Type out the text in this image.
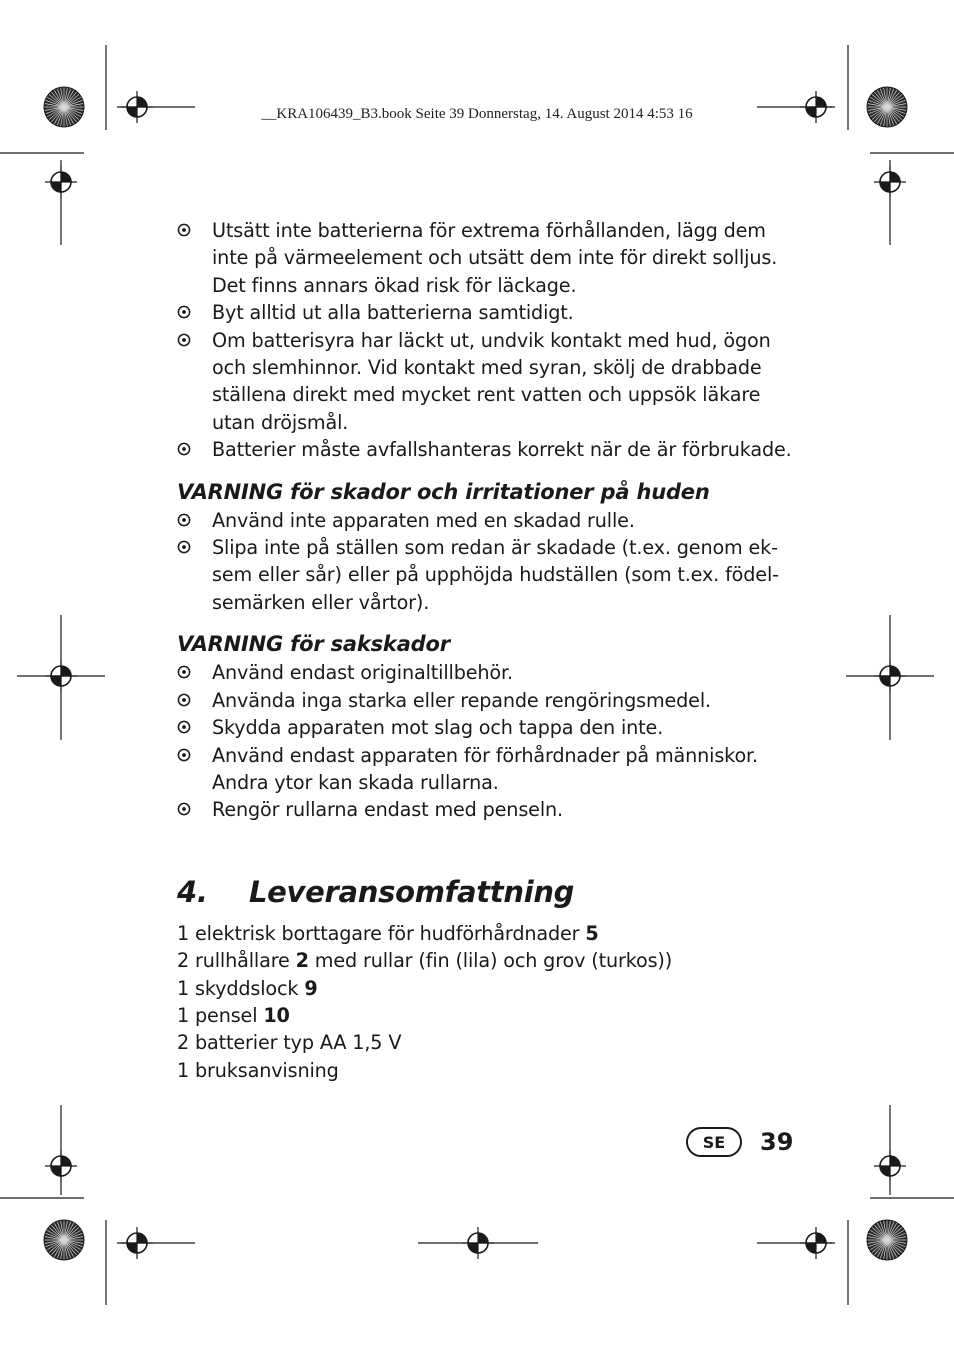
__KRA106439_B3.book Seite 39 Donnerstag, 14. August 2014 4:53 16
Utsätt inte batterierna för extrema förhållanden, lägg dem
inte på värmeelement och utsätt dem inte för direkt solljus.
Det finns annars ökad risk för läckage.
Byt alltid ut alla batterierna samtidigt.
Om batterisyra har läckt ut, undvik kontakt med hud, ögon
och slemhinnor. Vid kontakt med syran, skölj de drabbade
ställena direkt med mycket rent vatten och uppsök läkare
utan dröjsmål.
Batterier måste avfallshanteras korrekt när de är förbrukade.
VARNING för skador och irritationer på huden
Använd inte apparaten med en skadad rulle.
Slipa inte på ställen som redan är skadade (t.ex. genom ek-
sem eller sår) eller på upphöjda hudställen (som t.ex. födel-
semärken eller vårtor).
VARNING för sakskador
Använd endast originaltillbehör.
Använda inga starka eller repande rengöringsmedel.
Skydda apparaten mot slag och tappa den inte.
Använd endast apparaten för förhårdnader på människor.
Andra ytor kan skada rullarna.
Rengör rullarna endast med penseln.
4.	Leveransomfattning
1 elektrisk borttagare för hudförhårdnader 5
2 rullhållare 2 med rullar (fin (lila) och grov (turkos))
1 skyddslock 9
1 pensel 10
2 batterier typ AA 1,5 V
1 bruksanvisning
SE	39
